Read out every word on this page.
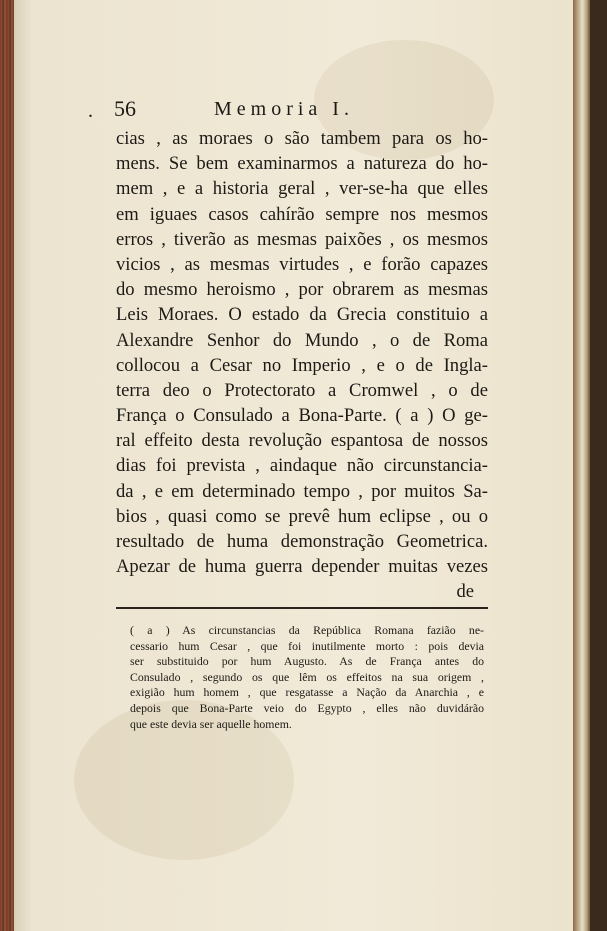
. 56	Memoria I.
cias , as moraes o são tambem para os ho-
mens. Se bem examinarmos a natureza do ho-
mem , e a historia geral , ver-se-ha que elles
em iguaes casos cahírão sempre nos mesmos
erros , tiverão as mesmas paixões , os mesmos
vicios , as mesmas virtudes , e forão capazes
do mesmo heroismo , por obrarem as mesmas
Leis Moraes. O estado da Grecia constituio a
Alexandre Senhor do Mundo , o de Roma
collocou a Cesar no Imperio , e o de Ingla-
terra deo o Protectorato a Cromwel , o de
França o Consulado a Bona-Parte. ( a ) O ge-
ral effeito desta revolução espantosa de nossos
dias foi prevista , aindaque não circunstancia-
da , e em determinado tempo , por muitos Sa-
bios , quasi como se prevê hum eclipse , ou o
resultado de huma demonstração Geometrica.
Apezar de huma guerra depender muitas vezes
de
( a ) As circunstancias da República Romana fazião ne-
cessario hum Cesar , que foi inutilmente morto : pois devia
ser substituido por hum Augusto. As de França antes do
Consulado , segundo os que lêm os effeitos na sua origem ,
exigião hum homem , que resgatasse a Nação da Anarchia , e
depois que Bona-Parte veio do Egypto , elles não duvidárão
que este devia ser aquelle homem.
